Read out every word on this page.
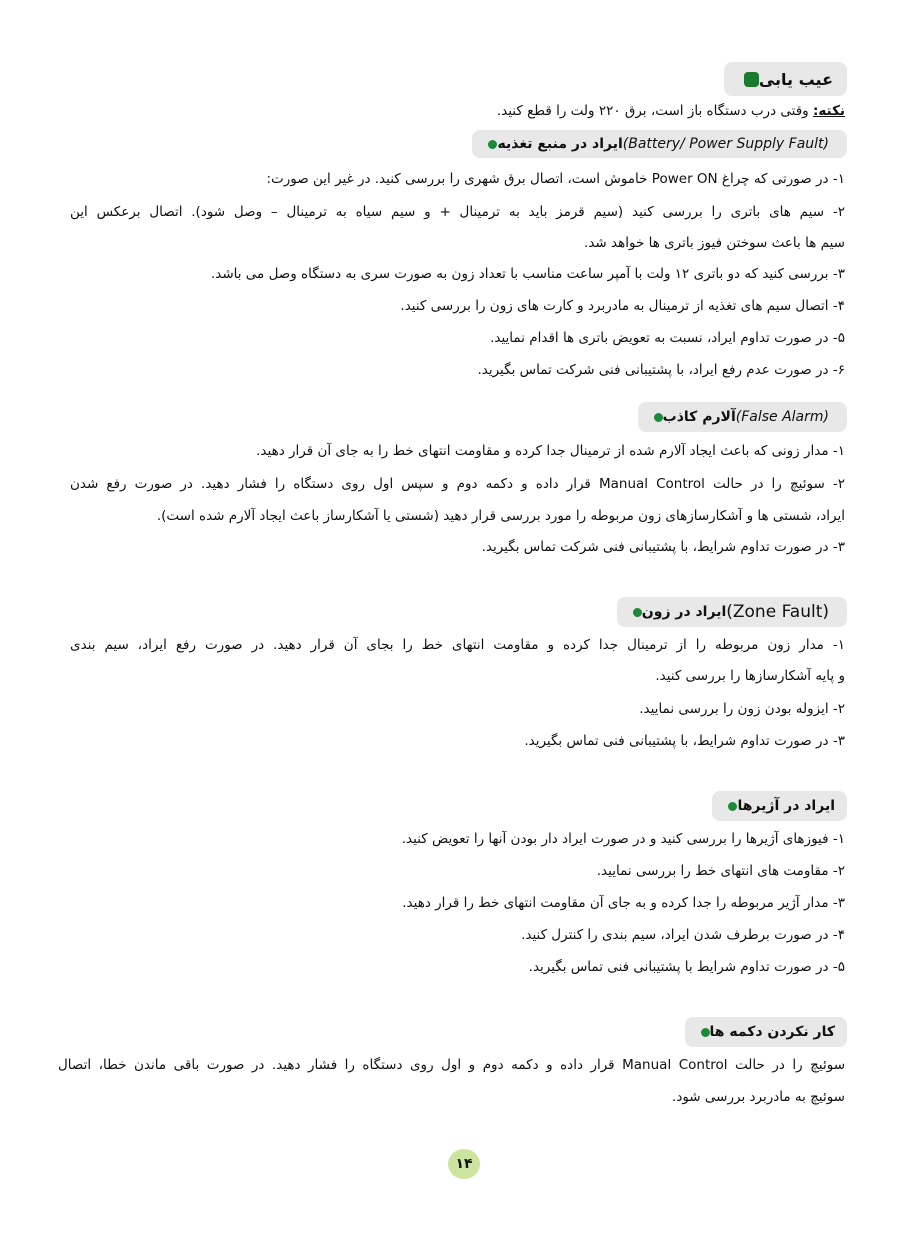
عیب یابی
نکته: وقتی درب دستگاه باز است، برق ۲۲۰ ولت را قطع کنید.
ایراد در منبع تغذیه (Battery/ Power Supply Fault)
۱- در صورتی که چراغ Power ON خاموش است، اتصال برق شهری را بررسی کنید. در غیر این صورت:
۲- سیم های باتری را بررسی کنید (سیم قرمز باید به ترمینال + و سیم سیاه به ترمینال – وصل شود). اتصال برعکس این
سیم ها باعث سوختن فیوز باتری ها خواهد شد.
۳- بررسی کنید که دو باتری ۱۲ ولت با آمپر ساعت مناسب با تعداد زون به صورت سری به دستگاه وصل می باشد.
۴- اتصال سیم های تغذیه از ترمینال به مادربرد و کارت های زون را بررسی کنید.
۵- در صورت تداوم ایراد، نسبت به تعویض باتری ها اقدام نمایید.
۶- در صورت عدم رفع ایراد، با پشتیبانی فنی شرکت تماس بگیرید.
آلارم کاذب (False Alarm)
۱- مدار زونی که باعث ایجاد آلارم شده از ترمینال جدا کرده و مقاومت انتهای خط را به جای آن قرار دهید.
۲- سوئیچ را در حالت Manual Control قرار داده و دکمه دوم و سپس اول روی دستگاه را فشار دهید. در صورت رفع شدن
ایراد، شستی ها و آشکارسازهای زون مربوطه را مورد بررسی قرار دهید (شستی یا آشکارساز باعث ایجاد آلارم شده است).
۳- در صورت تداوم شرایط، با پشتیبانی فنی شرکت تماس بگیرید.
ایراد در زون (Zone Fault)
۱- مدار زون مربوطه را از ترمینال جدا کرده و مقاومت انتهای خط را بجای آن قرار دهید. در صورت رفع ایراد، سیم بندی
و پایه آشکارسازها را بررسی کنید.
۲- ایزوله بودن زون را بررسی نمایید.
۳- در صورت تداوم شرایط، با پشتیبانی فنی تماس بگیرید.
ایراد در آژیرها
۱- فیوزهای آژیرها را بررسی کنید و در صورت ایراد دار بودن آنها را تعویض کنید.
۲- مقاومت های انتهای خط را بررسی نمایید.
۳- مدار آژیر مربوطه را جدا کرده و به جای آن مقاومت انتهای خط را قرار دهید.
۴- در صورت برطرف شدن ایراد، سیم بندی را کنترل کنید.
۵- در صورت تداوم شرایط با پشتیبانی فنی تماس بگیرید.
کار نکردن دکمه ها
سوئیچ را در حالت Manual Control قرار داده و دکمه دوم و اول روی دستگاه را فشار دهید. در صورت باقی ماندن خطا، اتصال
سوئیچ به مادربرد بررسی شود.
۱۴
